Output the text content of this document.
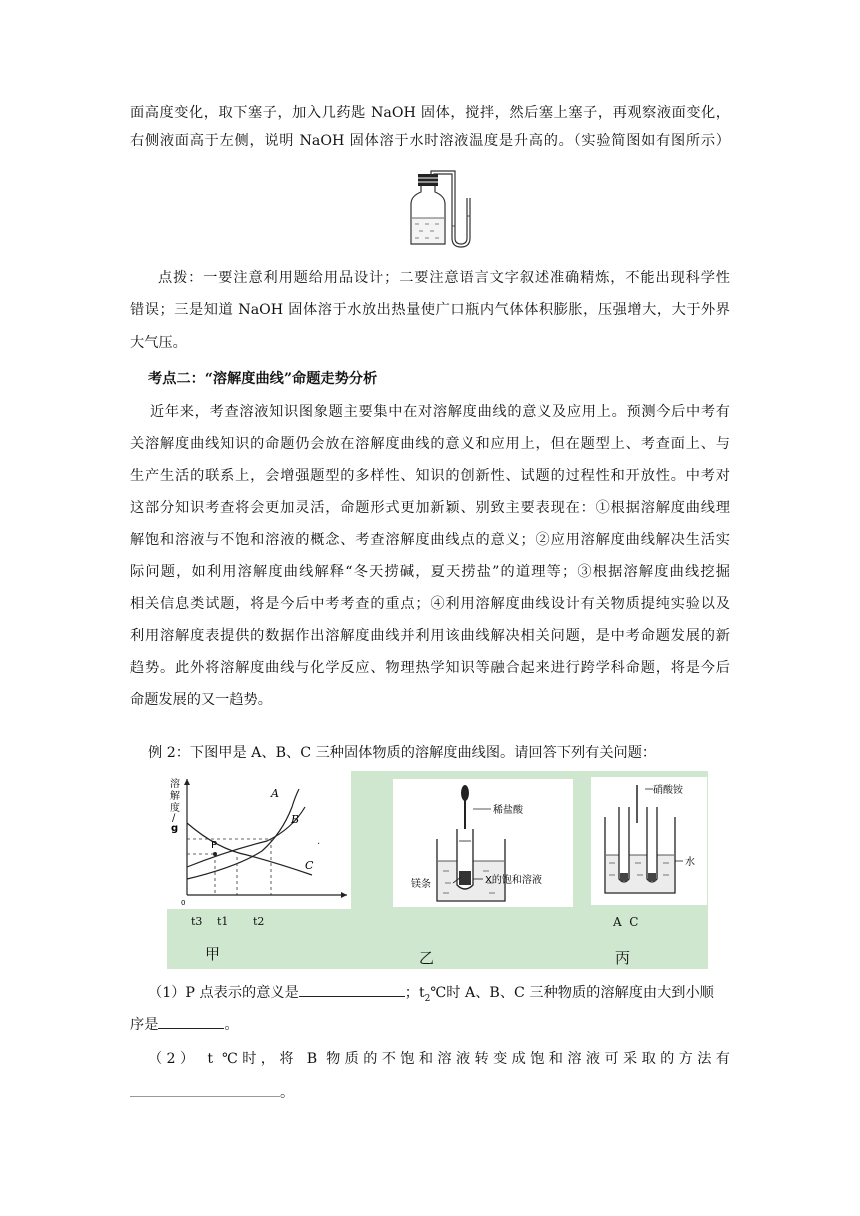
面高度变化，取下塞子，加入几药匙 NaOH 固体，搅拌，然后塞上塞子，再观察液面变化，
右侧液面高于左侧，说明 NaOH 固体溶于水时溶液温度是升高的。（实验简图如有图所示）
点拨：一要注意利用题给用品设计；二要注意语言文字叙述准确精炼，不能出现科学性
错误；三是知道 NaOH 固体溶于水放出热量使广口瓶内气体体积膨胀，压强增大，大于外界
大气压。
考点二：“溶解度曲线”命题走势分析
近年来，考查溶液知识图象题主要集中在对溶解度曲线的意义及应用上。预测今后中考有
关溶解度曲线知识的命题仍会放在溶解度曲线的意义和应用上，但在题型上、考查面上、与
生产生活的联系上，会增强题型的多样性、知识的创新性、试题的过程性和开放性。中考对
这部分知识考查将会更加灵活，命题形式更加新颖、别致主要表现在：①根据溶解度曲线理
解饱和溶液与不饱和溶液的概念、考查溶解度曲线点的意义；②应用溶解度曲线解决生活实
际问题，如利用溶解度曲线解释“冬天捞碱，夏天捞盐”的道理等；③根据溶解度曲线挖掘
相关信息类试题，将是今后中考考查的重点；④利用溶解度曲线设计有关物质提纯实验以及
利用溶解度表提供的数据作出溶解度曲线并利用该曲线解决相关问题，是中考命题发展的新
趋势。此外将溶解度曲线与化学反应、物理热学知识等融合起来进行跨学科命题，将是今后
命题发展的又一趋势。
例 2：下图甲是 A、B、C 三种固体物质的溶解度曲线图。请回答下列有关问题：
·
溶
解
度
/
g
A
B
C
P
0
t3 t1 t2
稀盐酸
镁条	X的饱和溶液
硝酸铵
水
A  C
甲	乙	丙
（1）P 点表示的意义是	；$t_2℃$时 A、B、C 三种物质的溶解度由大到小顺
序是	。
（2） t ℃时，将 B 物质的不饱和溶液转变成饱和溶液可采取的方法有
。
